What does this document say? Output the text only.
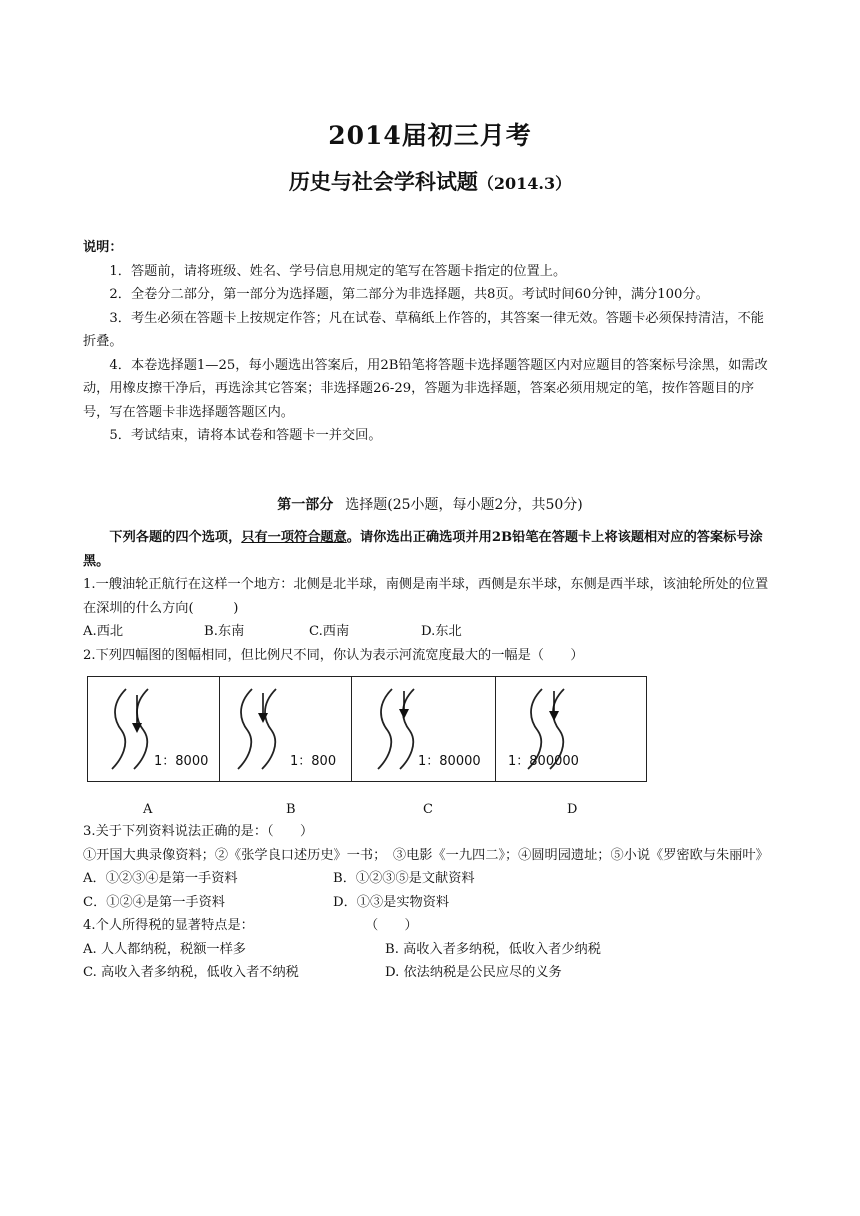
2014届初三月考
历史与社会学科试题（2014.3）

说明：

1．答题前，请将班级、姓名、学号信息用规定的笔写在答题卡指定的位置上。

2．全卷分二部分，第一部分为选择题，第二部分为非选择题，共8页。考试时间60分钟，满分100分。

3．考生必须在答题卡上按规定作答；凡在试卷、草稿纸上作答的，其答案一律无效。答题卡必须保持清洁，不能折叠。

4．本卷选择题1—25，每小题选出答案后，用2B铅笔将答题卡选择题答题区内对应题目的答案标号涂黑，如需改动，用橡皮擦干净后，再选涂其它答案；非选择题26-29，答题为非选择题，答案必须用规定的笔，按作答题目的序号，写在答题卡非选择题答题区内。

5．考试结束，请将本试卷和答题卡一并交回。

第一部分 选择题(25小题，每小题2分，共50分)

下列各题的四个选项，只有一项符合题意。请你选出正确选项并用2B铅笔在答题卡上将该题相对应的答案标号涂黑。

1.一艘油轮正航行在这样一个地方：北侧是北半球，南侧是南半球，西侧是东半球，东侧是西半球，该油轮所处的位置在深圳的什么方向(　　　)

A.西北	B.东南	C.西南	D.东北

2.下列四幅图的图幅相同，但比例尺不同，你认为表示河流宽度最大的一幅是（　　）

1：8000	1：800	1：80000 1：800000
A	B	C	D

3.关于下列资料说法正确的是：（　　）

①开国大典录像资料；②《张学良口述历史》一书；　③电影《一九四二》；④圆明园遗址；⑤小说《罗密欧与朱丽叶》

A．①②③④是第一手资料	B．①②③⑤是文献资料
C．①②④是第一手资料	D．①③是实物资料
4.个人所得税的显著特点是：	（　　）
A. 人人都纳税，税额一样多	B. 高收入者多纳税，低收入者少纳税
C. 高收入者多纳税，低收入者不纳税	D. 依法纳税是公民应尽的义务
